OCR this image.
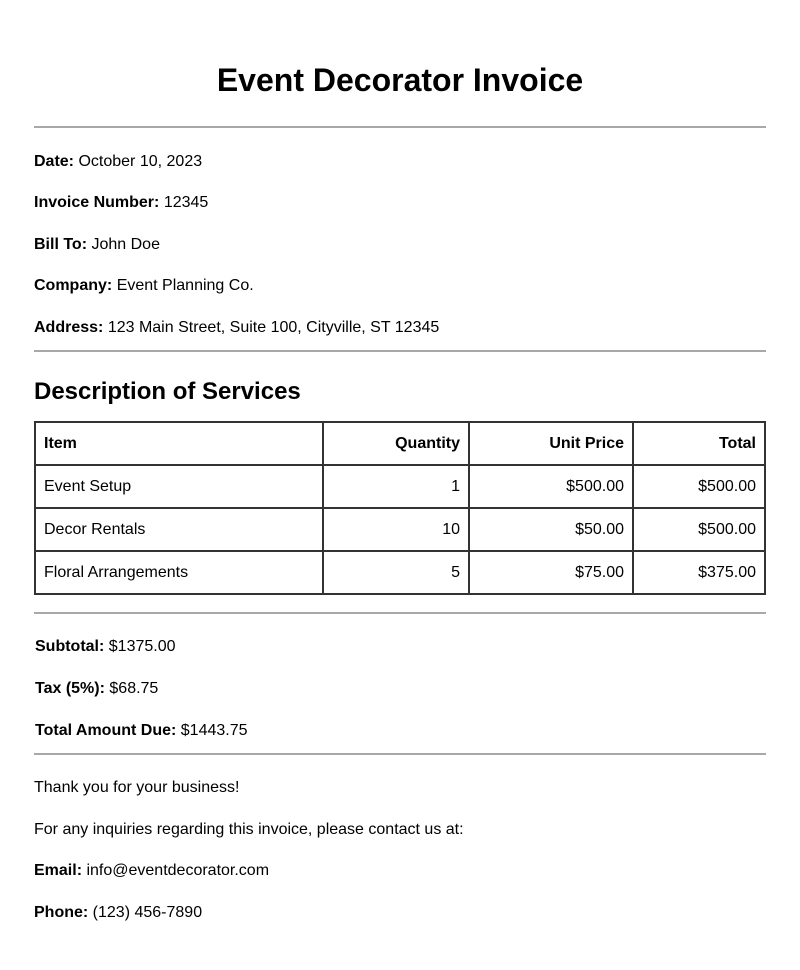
Event Decorator Invoice
Date: October 10, 2023
Invoice Number: 12345
Bill To: John Doe
Company: Event Planning Co.
Address: 123 Main Street, Suite 100, Cityville, ST 12345
Description of Services
Item	Quantity	Unit Price	Total
Event Setup	1	$500.00	$500.00
Decor Rentals	10	$50.00	$500.00
Floral Arrangements	5	$75.00	$375.00
Subtotal: $1375.00
Tax (5%): $68.75
Total Amount Due: $1443.75
Thank you for your business!
For any inquiries regarding this invoice, please contact us at:
Email: info@eventdecorator.com
Phone: (123) 456-7890
